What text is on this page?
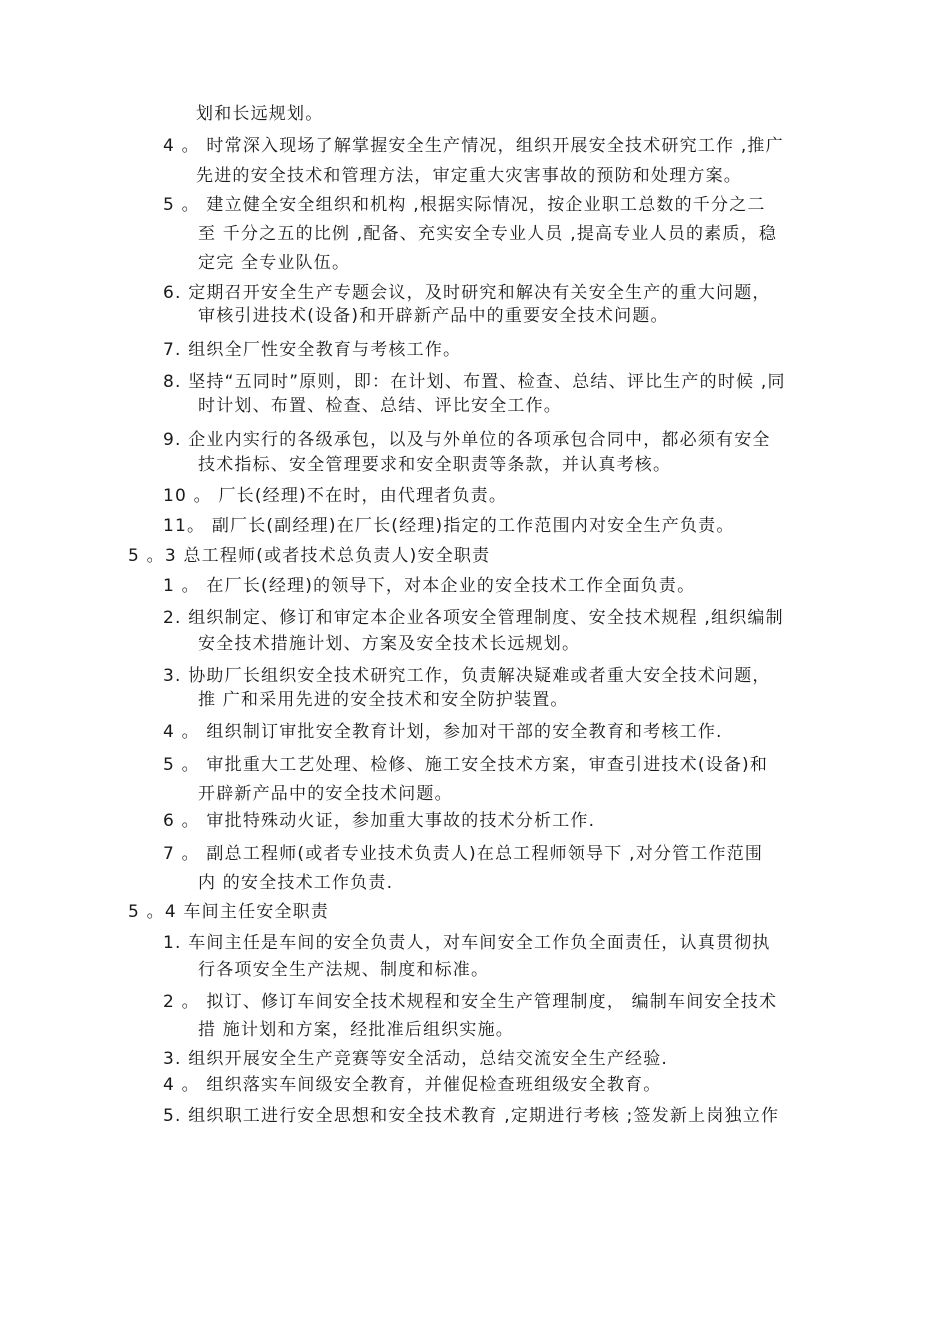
划和长远规划。
4 。 时常深入现场了解掌握安全生产情况，组织开展安全技术研究工作 ,推广
先进的安全技术和管理方法，审定重大灾害事故的预防和处理方案。
5 。 建立健全安全组织和机构 ,根据实际情况，按企业职工总数的千分之二
至 千分之五的比例 ,配备、充实安全专业人员 ,提高专业人员的素质，稳
定完 全专业队伍。
6. 定期召开安全生产专题会议，及时研究和解决有关安全生产的重大问题，
审核引进技术(设备)和开辟新产品中的重要安全技术问题。
7. 组织全厂性安全教育与考核工作。
8. 坚持“五同时”原则，即：在计划、布置、检查、总结、评比生产的时候 ,同
时计划、布置、检查、总结、评比安全工作。
9. 企业内实行的各级承包，以及与外单位的各项承包合同中，都必须有安全
技术指标、安全管理要求和安全职责等条款，并认真考核。
10 。 厂长(经理)不在时，由代理者负责。
11。 副厂长(副经理)在厂长(经理)指定的工作范围内对安全生产负责。
5 。3 总工程师(或者技术总负责人)安全职责
1 。 在厂长(经理)的领导下，对本企业的安全技术工作全面负责。
2. 组织制定、修订和审定本企业各项安全管理制度、安全技术规程 ,组织编制
安全技术措施计划、方案及安全技术长远规划。
3. 协助厂长组织安全技术研究工作，负责解决疑难或者重大安全技术问题，
推 广和采用先进的安全技术和安全防护装置。
4 。 组织制订审批安全教育计划，参加对干部的安全教育和考核工作.
5 。 审批重大工艺处理、检修、施工安全技术方案，审查引进技术(设备)和
开辟新产品中的安全技术问题。
6 。 审批特殊动火证，参加重大事故的技术分析工作.
7 。 副总工程师(或者专业技术负责人)在总工程师领导下 ,对分管工作范围
内 的安全技术工作负责.
5 。4 车间主任安全职责
1. 车间主任是车间的安全负责人，对车间安全工作负全面责任，认真贯彻执
行各项安全生产法规、制度和标准。
2 。 拟订、修订车间安全技术规程和安全生产管理制度， 编制车间安全技术
措 施计划和方案，经批准后组织实施。
3. 组织开展安全生产竞赛等安全活动，总结交流安全生产经验.
4 。 组织落实车间级安全教育，并催促检查班组级安全教育。
5. 组织职工进行安全思想和安全技术教育 ,定期进行考核 ;签发新上岗独立作
